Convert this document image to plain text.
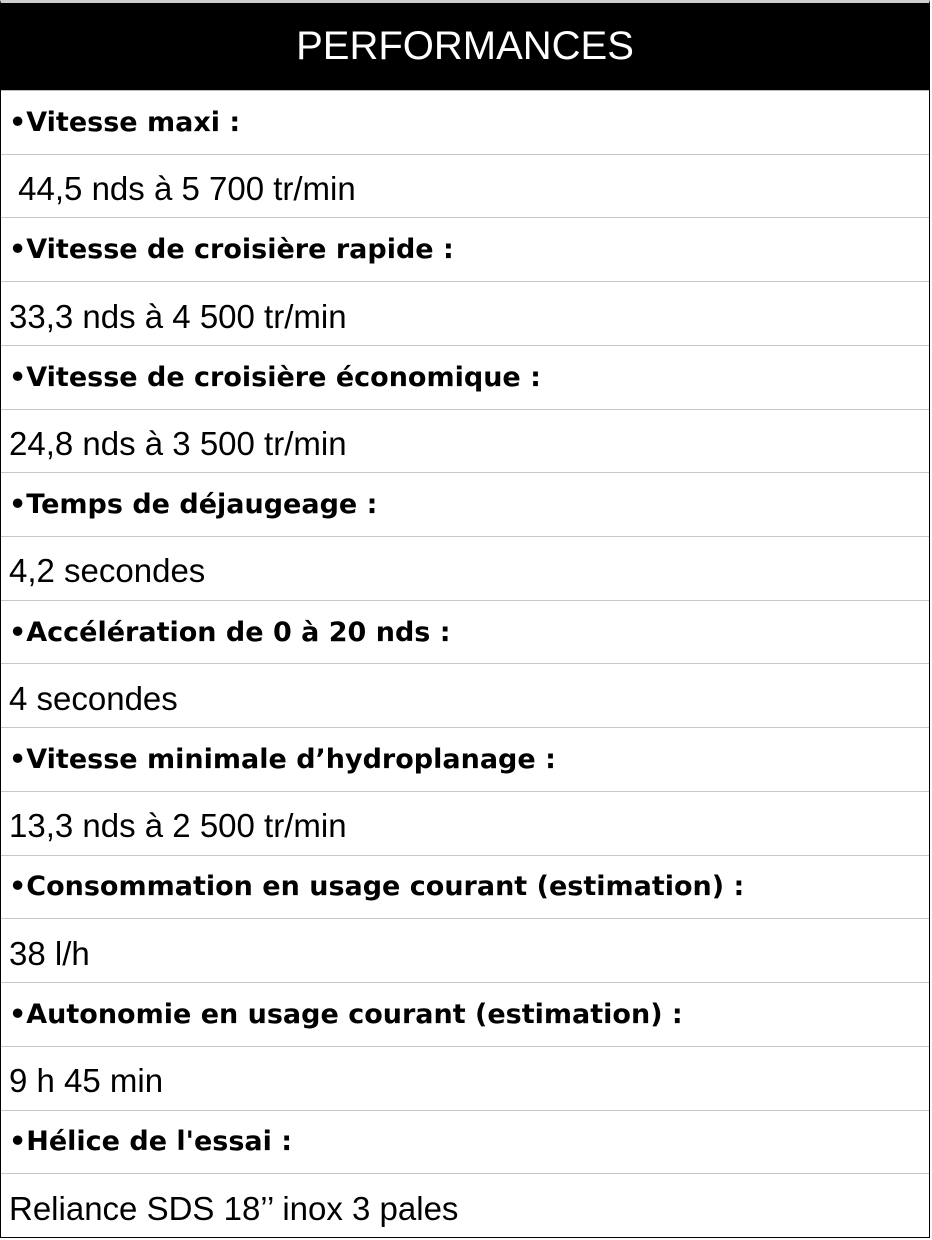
PERFORMANCES
•Vitesse maxi :
44,5 nds à 5 700 tr/min
•Vitesse de croisière rapide :
33,3 nds à 4 500 tr/min
•Vitesse de croisière économique :
24,8 nds à 3 500 tr/min
•Temps de déjaugeage :
4,2 secondes
•Accélération de 0 à 20 nds :
4 secondes
•Vitesse minimale d’hydroplanage :
13,3 nds à 2 500 tr/min
•Consommation en usage courant (estimation) :
38 l/h
•Autonomie en usage courant (estimation) :
9 h 45 min
•Hélice de l'essai :
Reliance SDS 18’’ inox 3 pales
